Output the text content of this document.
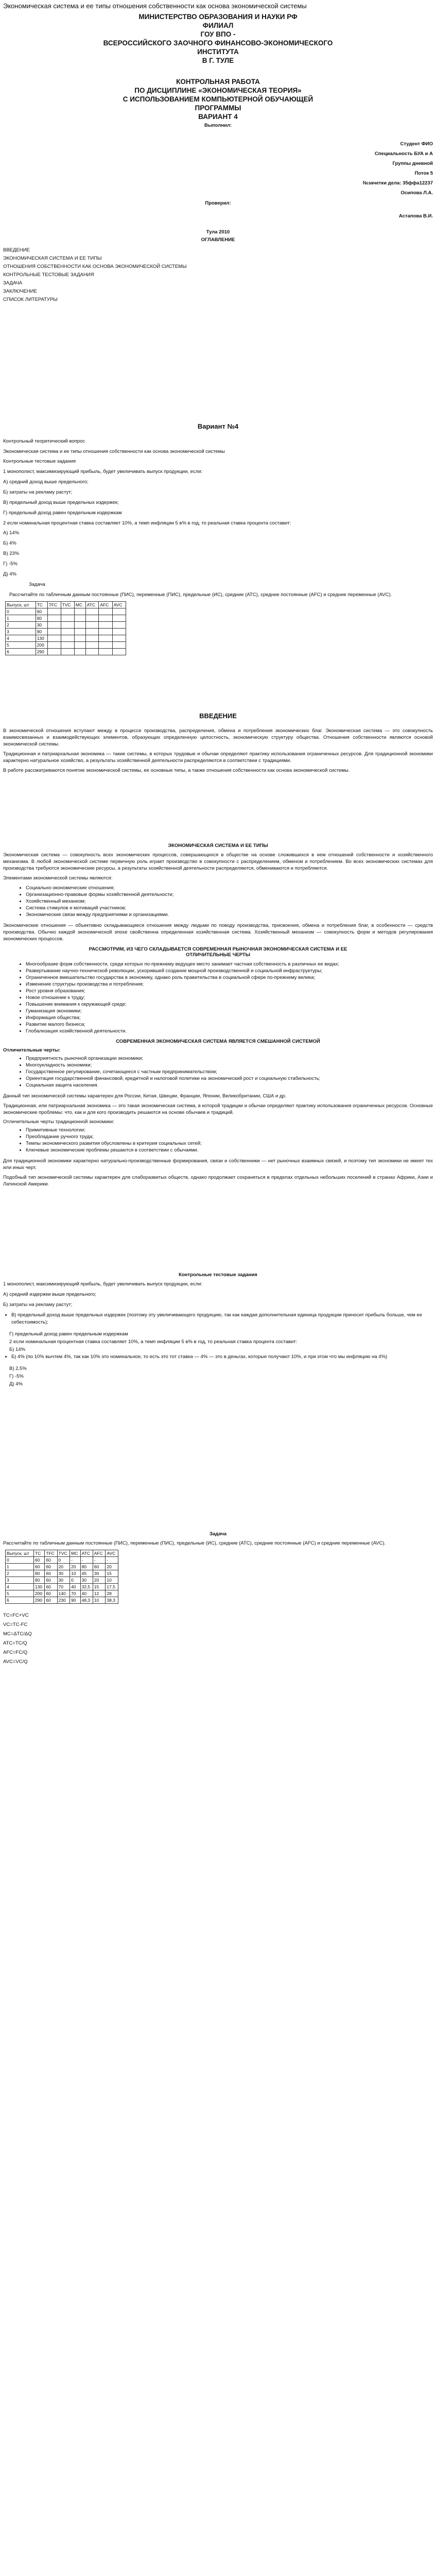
Экономическая система и ее типы отношения собственности как основа экономической системы
МИНИСТЕРСТВО ОБРАЗОВАНИЯ И НАУКИ РФ
ФИЛИАЛ
ГОУ ВПО -
ВСЕРОССИЙСКОГО ЗАОЧНОГО ФИНАНСОВО-ЭКОНОМИЧЕСКОГО ИНСТИТУТА
В Г. ТУЛЕ
КОНТРОЛЬНАЯ РАБОТА
ПО ДИСЦИПЛИНЕ «ЭКОНОМИЧЕСКАЯ ТЕОРИЯ»
С ИСПОЛЬЗОВАНИЕМ КОМПЬЮТЕРНОЙ ОБУЧАЮЩЕЙ ПРОГРАММЫ
ВАРИАНТ 4
Выполнил:
Студент ФИО
Специальность БУА и А
Группы дневной
Поток 5
№зачетки дела: 35ффа12237
Осипова Л.А.
Проверил:
Астапова В.И.
Тула 2010
ОГЛАВЛЕНИЕ
ВВЕДЕНИЕ
ЭКОНОМИЧЕСКАЯ СИСТЕМА И ЕЕ ТИПЫ
ОТНОШЕНИЯ СОБСТВЕННОСТИ КАК ОСНОВА ЭКОНОМИЧЕСКОЙ СИСТЕМЫ
КОНТРОЛЬНЫЕ ТЕСТОВЫЕ ЗАДАНИЯ
ЗАДАЧА
ЗАКЛЮЧЕНИЕ
СПИСОК ЛИТЕРАТУРЫ
Вариант №4
Контрольный теоретический вопрос
Экономическая система и ее типы отношения собственности как основа экономической системы
Контрольные тестовые задания
1 монополист, максимизирующий прибыль, будет увеличивать выпуск продукции, если:
А) средний доход выше предельного;
Б) затраты на рекламу растут;
В) предельный доход выше предельных издержек;
Г) предельный доход равен предельным издержкам
2 если номинальная процентная ставка составляет 10%, а темп инфляции 5 в% в год, то реальная ставка процента составит:
А) 14%
Б) 4%
В) 23%
Г) -5%
Д) 4%
Задача
Рассчитайте по табличным данным постоянные (ПИС), переменные (ПИС), предельные (ИС), средние (АТС), средние постоянные (AFC) и средние переменные (AVC).
Выпуск, шт	TC	TFC	TVC	MC	ATC	AFC	AVC
0	60						
1	60						
2	30						
3	90						
4	130						
5	200						
6	290						
ВВЕДЕНИЕ

В экономической отношения вступают между в процессе производства, распределения, обмена и потребления экономических благ. Экономическая система — это совокупность взаимосвязанных и взаимодействующих элементов, образующих определенную целостность, экономическую структуру общества. Отношения собственности являются основой экономической системы.

Традиционная и патриархальная экономика — такие системы, в которых трудовые и обычаи определяют практику использования ограниченных ресурсов. Для традиционной экономики характерно натуральное хозяйство, а результаты хозяйственной деятельности распределяются в соответствии с традициями.

В работе рассматриваются понятие экономической системы, ее основные типы, а также отношения собственности как основа экономической системы.

ЭКОНОМИЧЕСКАЯ СИСТЕМА И ЕЕ ТИПЫ

Экономическая система — совокупность всех экономических процессов, совершающихся в обществе на основе сложившихся в нем отношений собственности и хозяйственного механизма. В любой экономической системе первичную роль играет производство в совокупности с распределением, обменом и потреблением. Во всех экономических системах для производства требуются экономические ресурсы, а результаты хозяйственной деятельности распределяются, обмениваются и потребляются.

Элементами экономической системы являются:

• Социально-экономические отношения;
• Организационно-правовые формы хозяйственной деятельности;
• Хозяйственный механизм;
• Система стимулов и мотиваций участников;
• Экономические связи между предприятиями и организациями.

Экономические отношения — объективно складывающиеся отношения между людьми по поводу производства, присвоения, обмена и потребления благ, в особенности — средств производства. Обычно каждой экономической эпохе свойственна определенная хозяйственная система. Хозяйственный механизм — совокупность форм и методов регулирования экономических процессов.

РАССМОТРИМ, ИЗ ЧЕГО СКЛАДЫВАЕТСЯ СОВРЕМЕННАЯ РЫНОЧНАЯ ЭКОНОМИЧЕСКАЯ СИСТЕМА И ЕЕ ОТЛИЧИТЕЛЬНЫЕ ЧЕРТЫ
• Многообразие форм собственности, среди которых по-прежнему ведущее место занимает частная собственность в различных ее видах;
• Развертывание научно-технической революции, ускорившей создание мощной производственной и социальной инфраструктуры;
• Ограниченное вмешательство государства в экономику, однако роль правительства в социальной сфере по-прежнему велика;
• Изменение структуры производства и потребления;
• Рост уровня образования;
• Новое отношение к труду;
• Повышение внимания к окружающей среде;
• Гуманизация экономики;
• Информация общества;
• Развитие малого бизнеса;
• Глобализация хозяйственной деятельности.
СОВРЕМЕННАЯ ЭКОНОМИЧЕСКАЯ СИСТЕМА ЯВЛЯЕТСЯ СМЕШАННОЙ СИСТЕМОЙ
Отличительные черты:
• Предприятность рыночной организации экономики;
• Многоукладность экономики;
• Государственное регулирование, сочетающееся с частным предпринимательством;
• Ориентация государственной финансовой, кредитной и налоговой политики на экономический рост и социальную стабильность;
• Социальная защита населения.

Данный тип экономической системы характерен для России, Китая, Швеции, Франции, Японии, Великобритании, США и др.

Традиционная, или патриархальная экономика — это такая экономическая система, в которой традиции и обычаи определяют практику использования ограниченных ресурсов. Основные экономические проблемы: что, как и для кого производить решаются на основе обычаев и традиций.

Отличительные черты традиционной экономики:
• Примитивные технологии;
• Преобладание ручного труда;
• Темпы экономического развития обусловлены в критерия социальных сетей;
• Ключевые экономические проблемы решаются в соответствии с обычаями.

Для традиционной экономики характерно натурально-производственные формирования, связи и собственники — нет рыночных взаимных связей, и поэтому тип экономики не имеет тех или иных черт.

Подобный тип экономической системы характерен для слаборазвитых обществ, однако продолжает сохраняться в пределах отдельных небольших поселений в странах Африки, Азии и Латинской Америки.

Контрольные тестовые задания
1 монополист, максимизирующий прибыль, будет увеличивать выпуск продукции, если:
А) средний издержки выше предельного;
Б) затраты на рекламу растут;
• В) предельный доход выше предельных издержек (поэтому эту увеличивающего продукцию, так как каждая дополнительная единица продукции приносит прибыль больше, чем ее себестоимость);
Г) предельный доход равен предельным издержкам
2 если номинальная процентная ставка составляет 10%, а темп инфляции 5 в% в год, то реальная ставка процента составит:
Б) 14%
• Б) 4% (по 10% вычтем 4%, так как 10% это номинальное, то есть это тот ставка — 4% — это в деньгах, которые получают 10%, и при этом что мы инфляцию на 4%)
В) 2,5%
Г) -5%
Д) 4%
Задача
Рассчитайте по табличным данным постоянные (ПИС), переменные (ПИС), предельные (ИС), средние (АТС), средние постоянные (AFC) и средние переменные (AVC).
Выпуск, шт	TC	TFC	TVC	MC	ATC	AFC	AVC
0	60	60	0	-	-	-	-
1	60	60	20	20	80	60	20
2	90	60	30	10	45	30	15
3	90	60	30	0	30	20	10
4	130	60	70	40	32,5	15	17,5
5	200	60	140	70	40	12	28
6	290	60	230	90	48,3	10	38,3
TC=FC+VC
VC=TC-FC
MC=ΔTC/ΔQ
ATC=TC/Q
AFC=FC/Q
AVC=VC/Q
